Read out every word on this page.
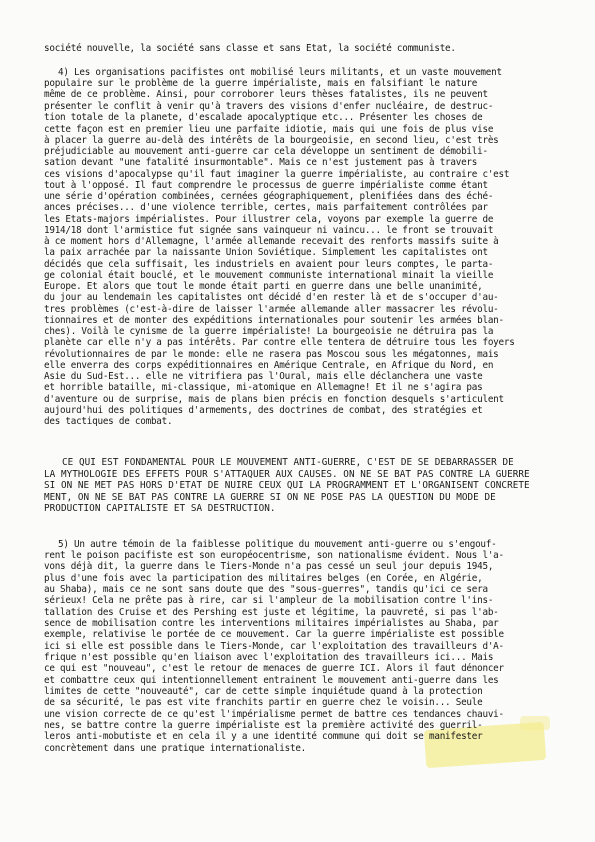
société nouvelle, la société sans classe et sans Etat, la société communiste.
4) Les organisations pacifistes ont mobilisé leurs militants, et un vaste mouvement
populaire sur le problème de la guerre impérialiste, mais en falsifiant le nature
même de ce problème. Ainsi, pour corroborer leurs thèses fatalistes, ils ne peuvent
présenter le conflit à venir qu'à travers des visions d'enfer nucléaire, de destruc-
tion totale de la planete, d'escalade apocalyptique etc... Présenter les choses de
cette façon est en premier lieu une parfaite idiotie, mais qui une fois de plus vise
à placer la guerre au-delà des intérêts de la bourgeoisie, en second lieu, c'est très
préjudiciable au mouvement anti-guerre car cela développe un sentiment de démobili-
sation devant "une fatalité insurmontable". Mais ce n'est justement pas à travers
ces visions d'apocalypse qu'il faut imaginer la guerre impérialiste, au contraire c'est
tout à l'opposé. Il faut comprendre le processus de guerre impérialiste comme étant
une série d'opération combinées, cernées géographiquement, plenifiées dans des éché-
ances précises... d'une violence terrible, certes, mais parfaitement contrôlées par
les Etats-majors impérialistes. Pour illustrer cela, voyons par exemple la guerre de
1914/18 dont l'armistice fut signée sans vainqueur ni vaincu... le front se trouvait
à ce moment hors d'Allemagne, l'armée allemande recevait des renforts massifs suite à
la paix arrachée par la naissante Union Soviétique. Simplement les capitalistes ont
décidés que cela suffisait, les industriels en avaient pour leurs comptes, le parta-
ge colonial était bouclé, et le mouvement communiste international minait la vieille
Europe. Et alors que tout le monde était parti en guerre dans une belle unanimité,
du jour au lendemain les capitalistes ont décidé d'en rester là et de s'occuper d'au-
tres problèmes (c'est-à-dire de laisser l'armée allemande aller massacrer les révolu-
tionnaires et de monter des expéditions internationales pour soutenir les armées blan-
ches). Voilà le cynisme de la guerre impérialiste! La bourgeoisie ne détruira pas la
planète car elle n'y a pas intérêts. Par contre elle tentera de détruire tous les foyers
révolutionnaires de par le monde: elle ne rasera pas Moscou sous les mégatonnes, mais
elle enverra des corps expéditionnaires en Amérique Centrale, en Afrique du Nord, en
Asie du Sud-Est... elle ne vitrifiera pas l'Oural, mais elle déclanchera une vaste
et horrible bataille, mi-classique, mi-atomique en Allemagne! Et il ne s'agira pas
d'aventure ou de surprise, mais de plans bien précis en fonction desquels s'articulent
aujourd'hui des politiques d'armements, des doctrines de combat, des stratégies et
des tactiques de combat.
CE QUI EST FONDAMENTAL POUR LE MOUVEMENT ANTI-GUERRE, C'EST DE SE DEBARRASSER DE
LA MYTHOLOGIE DES EFFETS POUR S'ATTAQUER AUX CAUSES. ON NE SE BAT PAS CONTRE LA GUERRE
SI ON NE MET PAS HORS D'ETAT DE NUIRE CEUX QUI LA PROGRAMMENT ET L'ORGANISENT CONCRETE
MENT, ON NE SE BAT PAS CONTRE LA GUERRE SI ON NE POSE PAS LA QUESTION DU MODE DE
PRODUCTION CAPITALISTE ET SA DESTRUCTION.
5) Un autre témoin de la faiblesse politique du mouvement anti-guerre ou s'engouf-
rent le poison pacifiste est son européocentrisme, son nationalisme évident. Nous l'a-
vons déjà dit, la guerre dans le Tiers-Monde n'a pas cessé un seul jour depuis 1945,
plus d'une fois avec la participation des militaires belges (en Corée, en Algérie,
au Shaba), mais ce ne sont sans doute que des "sous-guerres", tandis qu'ici ce sera
sérieux! Cela ne prête pas à rire, car si l'ampleur de la mobilisation contre l'ins-
tallation des Cruise et des Pershing est juste et légitime, la pauvreté, si pas l'ab-
sence de mobilisation contre les interventions militaires impérialistes au Shaba, par
exemple, relativise le portée de ce mouvement. Car la guerre impérialiste est possible
ici si elle est possible dans le Tiers-Monde, car l'exploitation des travailleurs d'A-
frique n'est possible qu'en liaison avec l'exploitation des travailleurs ici... Mais
ce qui est "nouveau", c'est le retour de menaces de guerre ICI. Alors il faut dénoncer
et combattre ceux qui intentionnellement entrainent le mouvement anti-guerre dans les
limites de cette "nouveauté", car de cette simple inquiétude quand à la protection
de sa sécurité, le pas est vite franchits partir en guerre chez le voisin... Seule
une vision correcte de ce qu'est l'impérialisme permet de battre ces tendances chauvi-
nes, se battre contre la guerre impérialiste est la première activité des guerril-
leros anti-mobutiste et en cela il y a une identité commune qui doit se manifester
concrètement dans une pratique internationaliste.
